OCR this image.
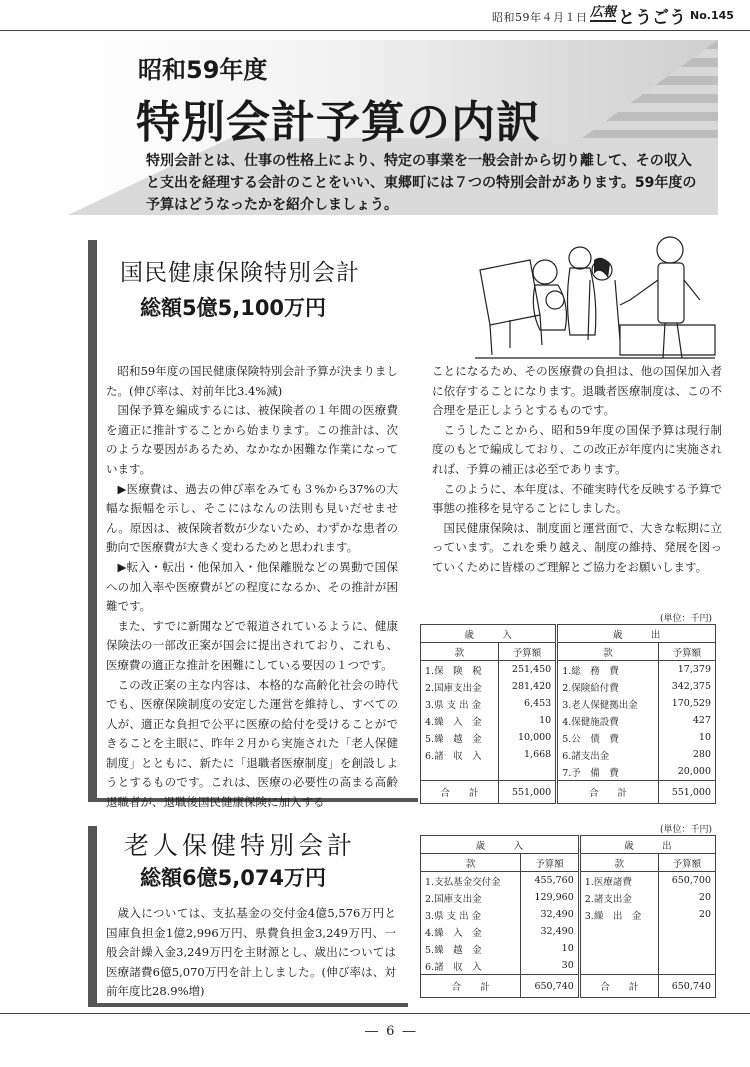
昭和59年４月１日 広報 とうごう No.145
昭和59年度
特別会計予算の内訳
特別会計とは、仕事の性格上により、特定の事業を一般会計から切り離して、その収入と支出を経理する会計のことをいい、東郷町には７つの特別会計があります。59年度の予算はどうなったかを紹介しましょう。
国民健康保険特別会計
総額5億5,100万円

昭和59年度の国民健康保険特別会計予算が決まりました。(伸び率は、対前年比3.4%減)

国保予算を編成するには、被保険者の１年間の医療費を適正に推計することから始まります。この推計は、次のような要因があるため、なかなか困難な作業になっています。

▶医療費は、過去の伸び率をみても３%から37%の大幅な振幅を示し、そこにはなんの法則も見いだせません。原因は、被保険者数が少ないため、わずかな患者の動向で医療費が大きく変わるためと思われます。

▶転入・転出・他保加入・他保離脱などの異動で国保への加入率や医療費がどの程度になるか、その推計が困難です。

また、すでに新聞などで報道されているように、健康保険法の一部改正案が国会に提出されており、これも、医療費の適正な推計を困難にしている要因の１つです。

この改正案の主な内容は、本格的な高齢化社会の時代でも、医療保険制度の安定した運営を維持し、すべての人が、適正な負担で公平に医療の給付を受けることができることを主眼に、昨年２月から実施された「老人保健制度」とともに、新たに「退職者医療制度」を創設しようとするものです。これは、医療の必要性の高まる高齢退職者が、退職後国民健康保険に加入する

ことになるため、その医療費の負担は、他の国保加入者に依存することになります。退職者医療制度は、この不合理を是正しようとするものです。

こうしたことから、昭和59年度の国保予算は現行制度のもとで編成しており、この改正が年度内に実施されれば、予算の補正は必至であります。

このように、本年度は、不確実時代を反映する予算で事態の推移を見守ることにしました。

国民健康保険は、制度面と運営面で、大きな転期に立っています。これを乗り越え、制度の維持、発展を図っていくために皆様のご理解とご協力をお願いします。

(単位：千円)
歳　　　入		歳　　　出	
款	予算額	款	予算額
1.保　険　税	251,450	1.総　務　費	17,379
2.国庫支出金	281,420	2.保険給付費	342,375
3.県 支 出 金	6,453	3.老人保健拠出金	170,529
4.繰　入　金	10	4.保健施設費	427
5.繰　越　金	10,000	5.公　債　費	10
6.諸　収　入	1,668	6.諸支出金	280
		7.予　備　費	20,000
合　　計	551,000	合　　計	551,000
老人保健特別会計
総額6億5,074万円

歳入については、支払基金の交付金4億5,576万円と国庫負担金1億2,996万円、県費負担金3,249万円、一般会計繰入金3,249万円を主財源とし、歳出については医療諸費6億5,070万円を計上しました。(伸び率は、対前年度比28.9%増)

(単位：千円)
歳　　　入		歳　　　出	
款	予算額	款	予算額
1.支払基金交付金	455,760	1.医療諸費	650,700
2.国庫支出金	129,960	2.諸支出金	20
3.県 支 出 金	32,490	3.繰　出　金	20
4.繰　入　金	32,490		
5.繰　越　金	10		
6.諸　収　入	30		
合　　計	650,740	合　　計	650,740
― 6 ―
